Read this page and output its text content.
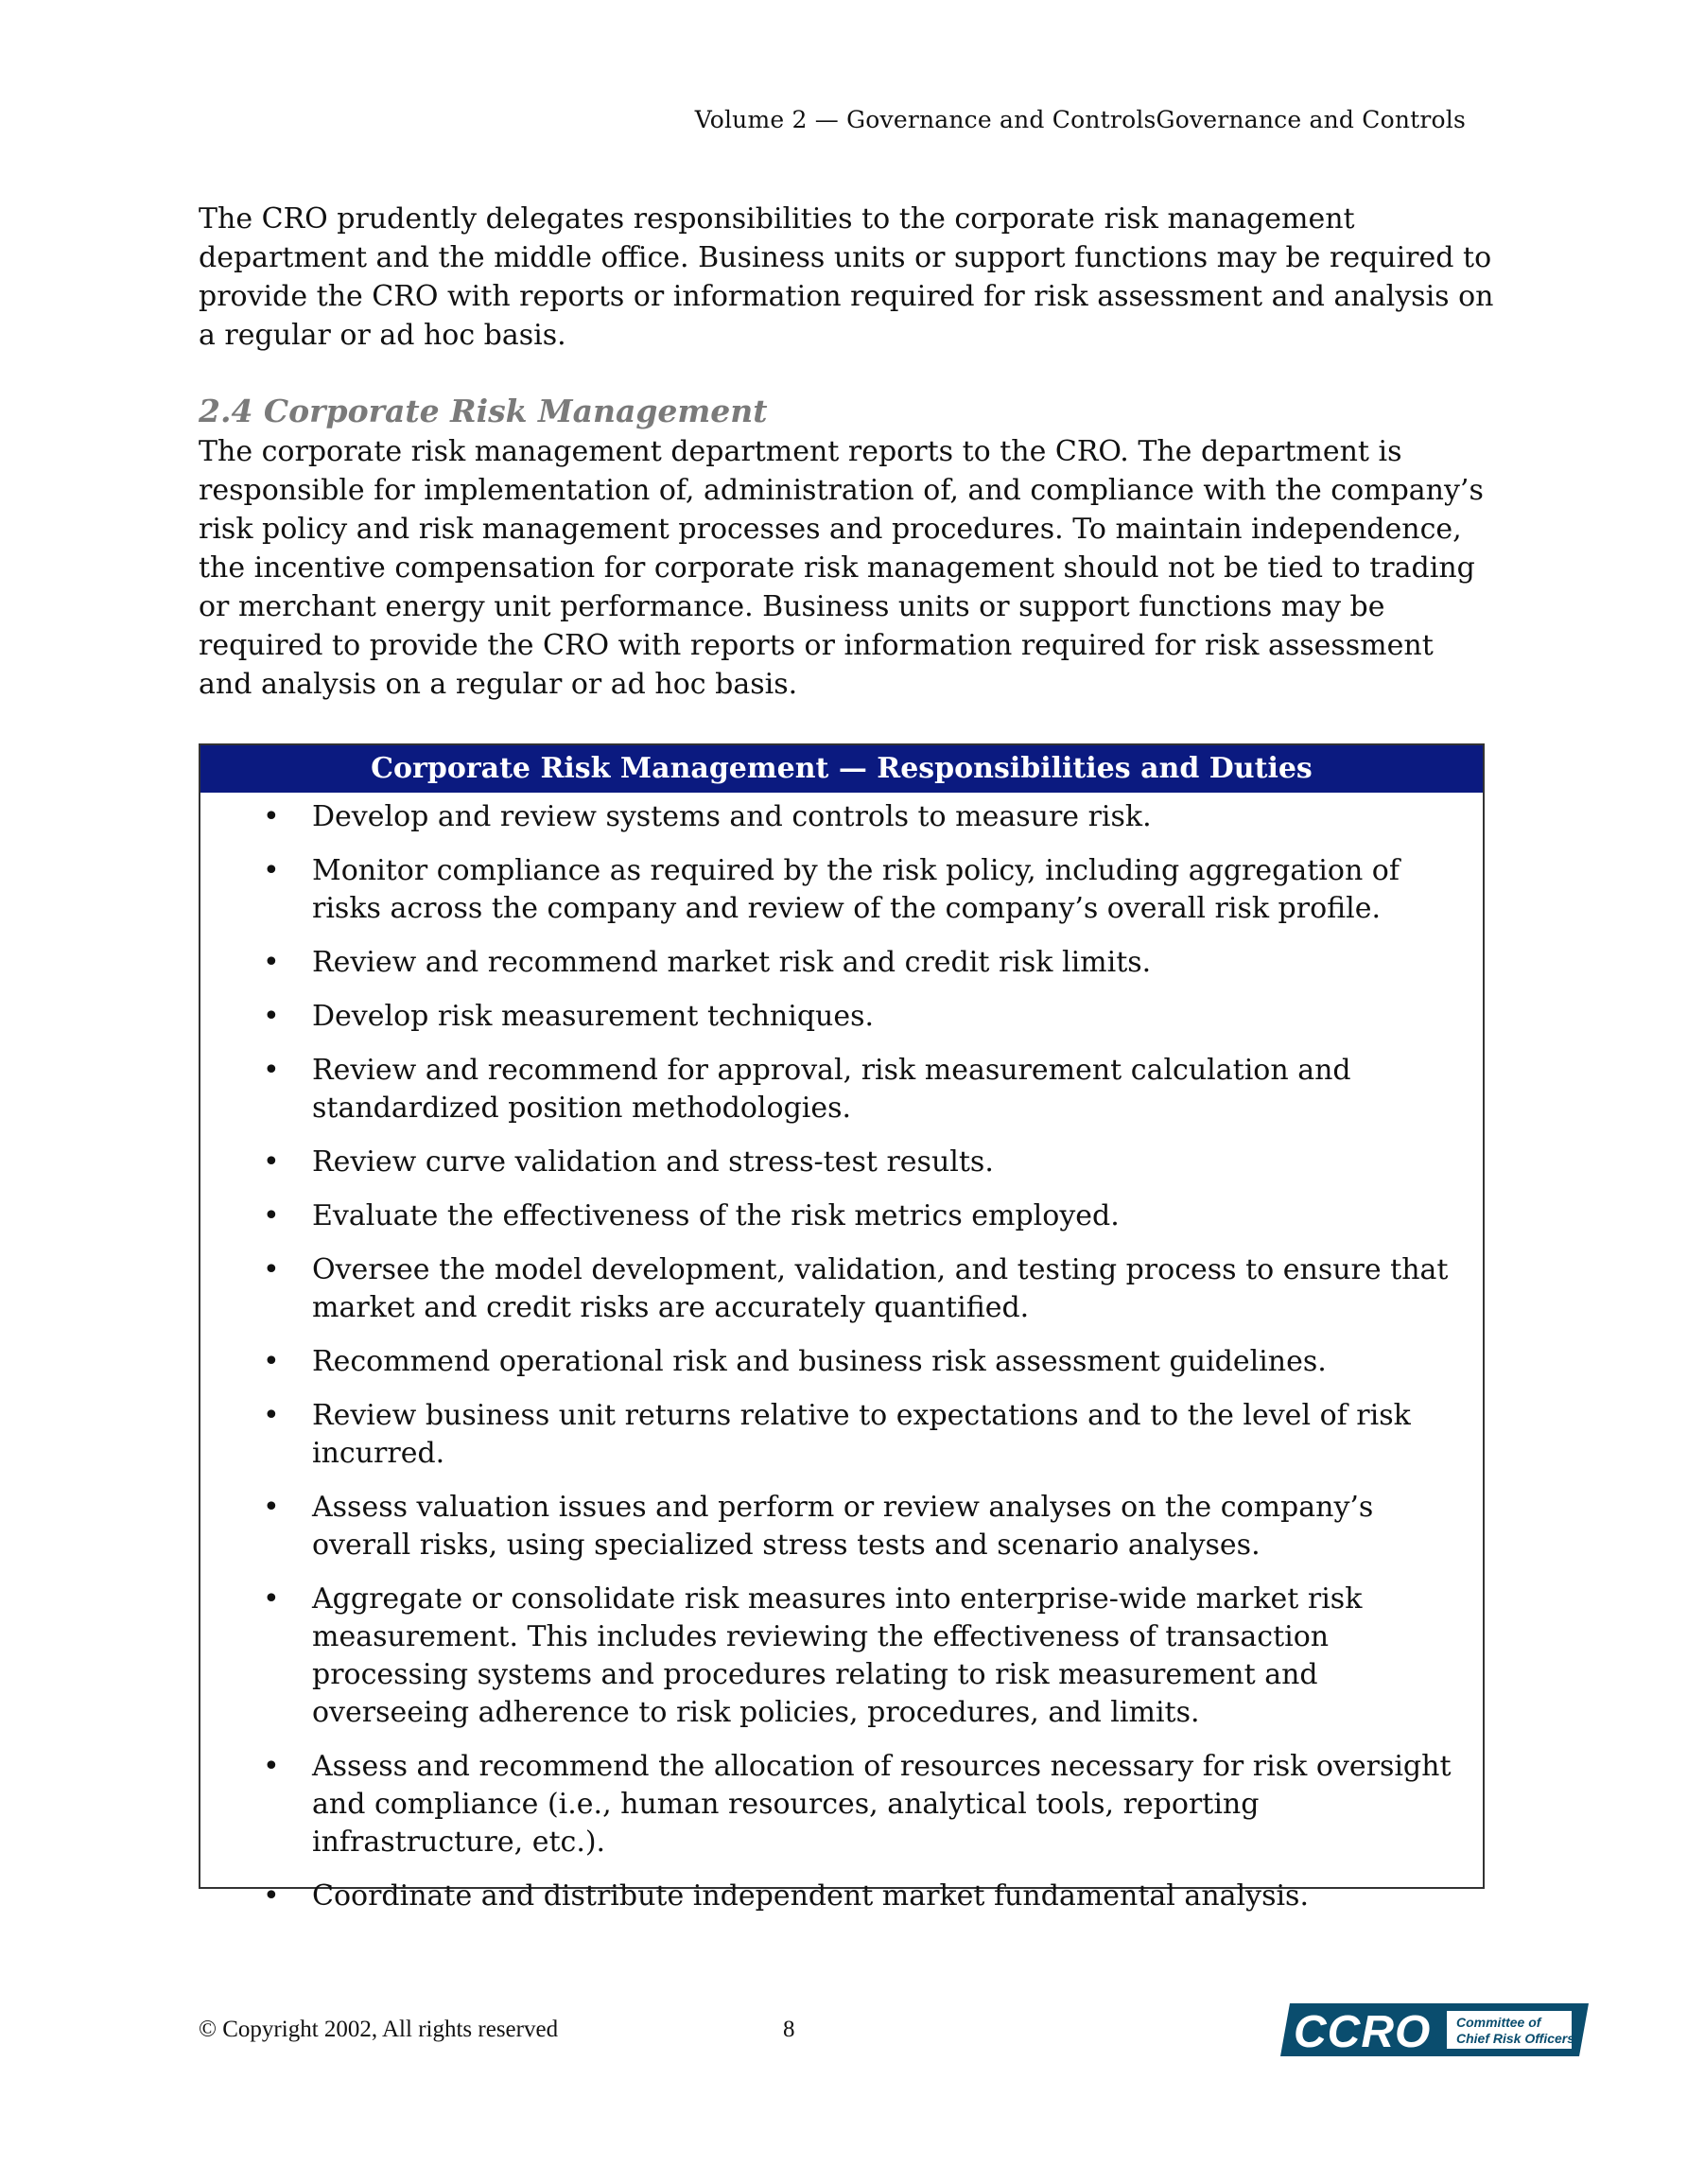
Volume 2 — Governance and ControlsGovernance and Controls

The CRO prudently delegates responsibilities to the corporate risk management department and the middle office. Business units or support functions may be required to provide the CRO with reports or information required for risk assessment and analysis on a regular or ad hoc basis.

2.4 Corporate Risk Management

The corporate risk management department reports to the CRO. The department is responsible for implementation of, administration of, and compliance with the company’s risk policy and risk management processes and procedures. To maintain independence, the incentive compensation for corporate risk management should not be tied to trading or merchant energy unit performance. Business units or support functions may be required to provide the CRO with reports or information required for risk assessment and analysis on a regular or ad hoc basis.

Corporate Risk Management — Responsibilities and Duties
• Develop and review systems and controls to measure risk.
• Monitor compliance as required by the risk policy, including aggregation of risks across the company and review of the company’s overall risk profile.
• Review and recommend market risk and credit risk limits.
• Develop risk measurement techniques.
• Review and recommend for approval, risk measurement calculation and standardized position methodologies.
• Review curve validation and stress-test results.
• Evaluate the effectiveness of the risk metrics employed.
• Oversee the model development, validation, and testing process to ensure that market and credit risks are accurately quantified.
• Recommend operational risk and business risk assessment guidelines.
• Review business unit returns relative to expectations and to the level of risk incurred.
• Assess valuation issues and perform or review analyses on the company’s overall risks, using specialized stress tests and scenario analyses.
• Aggregate or consolidate risk measures into enterprise-wide market risk measurement. This includes reviewing the effectiveness of transaction processing systems and procedures relating to risk measurement and overseeing adherence to risk policies, procedures, and limits.
• Assess and recommend the allocation of resources necessary for risk oversight and compliance (i.e., human resources, analytical tools, reporting infrastructure, etc.).
• Coordinate and distribute independent market fundamental analysis.
© Copyright 2002, All rights reserved	8	CCRO Committee of
Chief Risk Officers
